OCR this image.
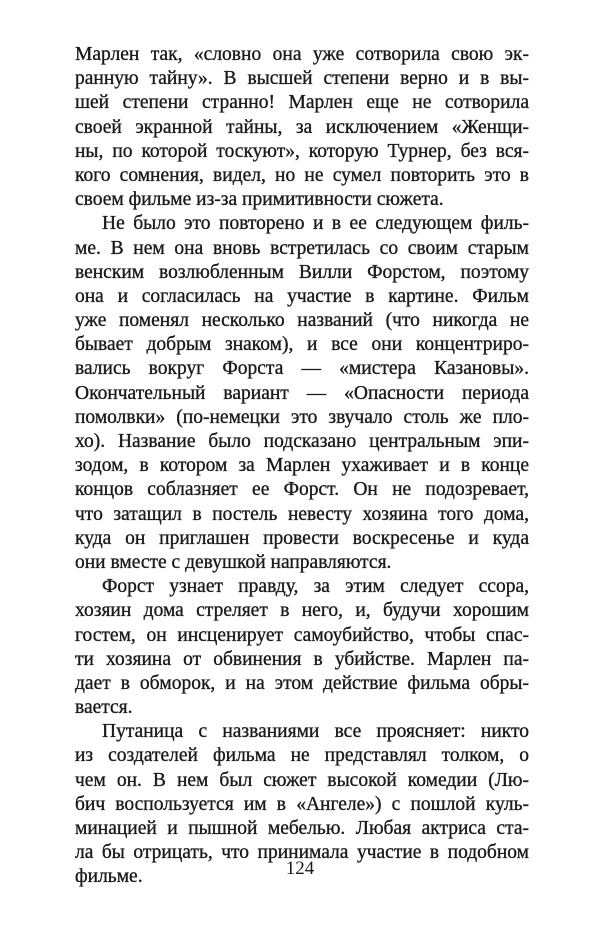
Марлен так, «словно она уже сотворила свою эк-
ранную тайну». В высшей степени верно и в вы-
шей степени странно! Марлен еще не сотворила
своей экранной тайны, за исключением «Женщи-
ны, по которой тоскуют», которую Турнер, без вся-
кого сомнения, видел, но не сумел повторить это в
своем фильме из-за примитивности сюжета.
Не было это повторено и в ее следующем филь-
ме. В нем она вновь встретилась со своим старым
венским возлюбленным Вилли Форстом, поэтому
она и согласилась на участие в картине. Фильм
уже поменял несколько названий (что никогда не
бывает добрым знаком), и все они концентриро-
вались вокруг Форста — «мистера Казановы».
Окончательный вариант — «Опасности периода
помолвки» (по-немецки это звучало столь же пло-
хо). Название было подсказано центральным эпи-
зодом, в котором за Марлен ухаживает и в конце
концов соблазняет ее Форст. Он не подозревает,
что затащил в постель невесту хозяина того дома,
куда он приглашен провести воскресенье и куда
они вместе с девушкой направляются.
Форст узнает правду, за этим следует ссора,
хозяин дома стреляет в него, и, будучи хорошим
гостем, он инсценирует самоубийство, чтобы спас-
ти хозяина от обвинения в убийстве. Марлен па-
дает в обморок, и на этом действие фильма обры-
вается.
Путаница с названиями все проясняет: никто
из создателей фильма не представлял толком, о
чем он. В нем был сюжет высокой комедии (Лю-
бич воспользуется им в «Ангеле») с пошлой куль-
минацией и пышной мебелью. Любая актриса ста-
ла бы отрицать, что принимала участие в подобном
фильме.	124
